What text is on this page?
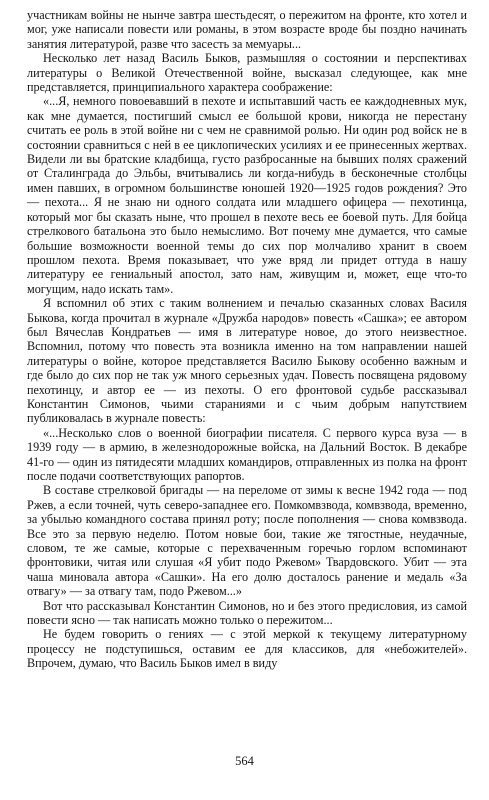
участникам войны не нынче завтра шестьдесят, о пережитом на фронте, кто хотел и мог, уже написали повести или романы, в этом возрасте вроде бы поздно начинать занятия литературой, разве что засесть за мемуары...

Несколько лет назад Василь Быков, размышляя о состоянии и перспективах литературы о Великой Отечественной войне, высказал следующее, как мне представляется, принципиального характера соображение:

«...Я, немного повоевавший в пехоте и испытавший часть ее каждодневных мук, как мне думается, постигший смысл ее большой крови, никогда не перестану считать ее роль в этой войне ни с чем не сравнимой ролью. Ни один род войск не в состоянии сравниться с ней в ее циклопических усилиях и ее принесенных жертвах. Видели ли вы братские кладбища, густо разбросанные на бывших полях сражений от Сталинграда до Эльбы, вчитывались ли когда-нибудь в бесконечные столбцы имен павших, в огромном большинстве юношей 1920—1925 годов рождения? Это — пехота... Я не знаю ни одного солдата или младшего офицера — пехотинца, который мог бы сказать ныне, что прошел в пехоте весь ее боевой путь. Для бойца стрелкового батальона это было немыслимо. Вот почему мне думается, что самые большие возможности военной темы до сих пор молчаливо хранит в своем прошлом пехота. Время показывает, что уже вряд ли придет оттуда в нашу литературу ее гениальный апостол, зато нам, живущим и, может, еще что-то могущим, надо искать там».

Я вспомнил об этих с таким волнением и печалью сказанных словах Василя Быкова, когда прочитал в журнале «Дружба народов» повесть «Сашка»; ее автором был Вячеслав Кондратьев — имя в литературе новое, до этого неизвестное. Вспомнил, потому что повесть эта возникла именно на том направлении нашей литературы о войне, которое представляется Василю Быкову особенно важным и где было до сих пор не так уж много серьезных удач. Повесть посвящена рядовому пехотинцу, и автор ее — из пехоты. О его фронтовой судьбе рассказывал Константин Симонов, чьими стараниями и с чьим добрым напутствием публиковалась в журнале повесть:

«...Несколько слов о военной биографии писателя. С первого курса вуза — в 1939 году — в армию, в железнодорожные войска, на Дальний Восток. В декабре 41-го — один из пятидесяти младших командиров, отправленных из полка на фронт после подачи соответствующих рапортов.

В составе стрелковой бригады — на переломе от зимы к весне 1942 года — под Ржев, а если точней, чуть северо-западнее его. Помкомвзвода, комвзвода, временно, за убылью командного состава принял роту; после пополнения — снова комвзвода. Все это за первую неделю. Потом новые бои, такие же тягостные, неудачные, словом, те же самые, которые с перехваченным горечью горлом вспоминают фронтовики, читая или слушая «Я убит подо Ржевом» Твардовского. Убит — эта чаша миновала автора «Сашки». На его долю досталось ранение и медаль «За отвагу» — за отвагу там, подо Ржевом...»

Вот что рассказывал Константин Симонов, но и без этого предисловия, из самой повести ясно — так написать можно только о пережитом...

Не будем говорить о гениях — с этой меркой к текущему литературному процессу не подступишься, оставим ее для классиков, для «небожителей». Впрочем, думаю, что Василь Быков имел в виду

564
